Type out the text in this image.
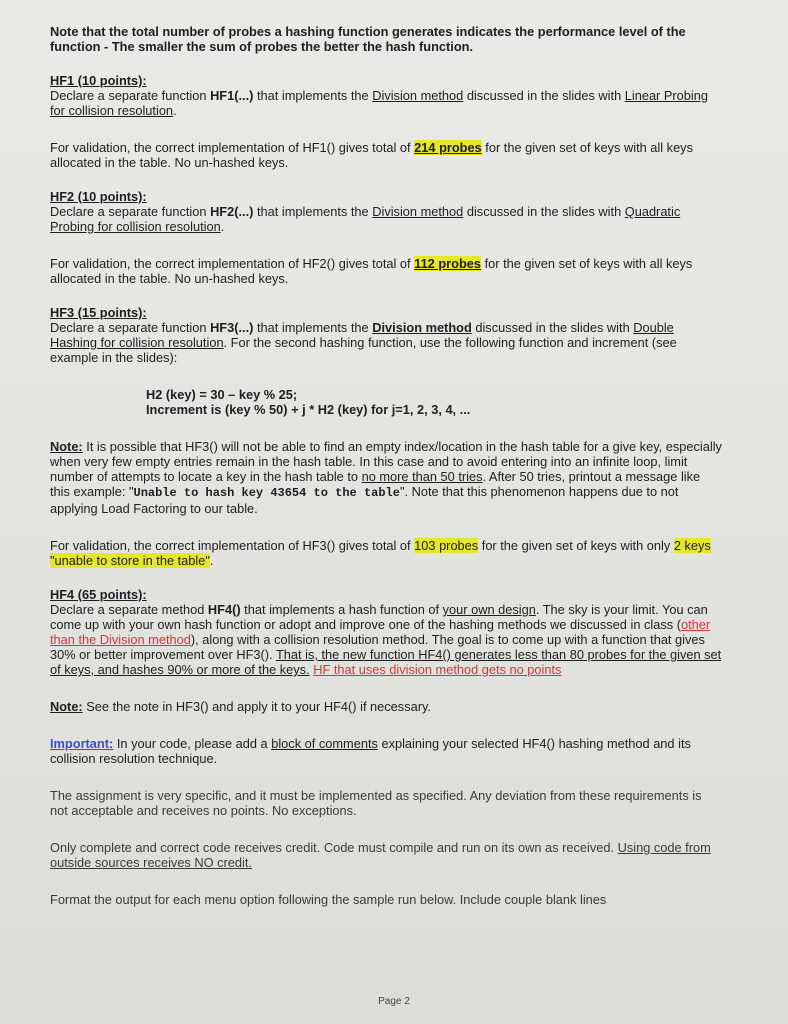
Note that the total number of probes a hashing function generates indicates the performance level of the function - The smaller the sum of probes the better the hash function.

HF1 (10 points):

Declare a separate function HF1(...) that implements the Division method discussed in the slides with Linear Probing for collision resolution.

For validation, the correct implementation of HF1() gives total of 214 probes for the given set of keys with all keys allocated in the table. No un-hashed keys.

HF2 (10 points):

Declare a separate function HF2(...) that implements the Division method discussed in the slides with Quadratic Probing for collision resolution.

For validation, the correct implementation of HF2() gives total of 112 probes for the given set of keys with all keys allocated in the table. No un-hashed keys.

HF3 (15 points):

Declare a separate function HF3(...) that implements the Division method discussed in the slides with Double Hashing for collision resolution. For the second hashing function, use the following function and increment (see example in the slides):

H2 (key) = 30 – key % 25;

Increment is (key % 50) + j * H2 (key) for j=1, 2, 3, 4, ...

Note: It is possible that HF3() will not be able to find an empty index/location in the hash table for a give key, especially when very few empty entries remain in the hash table. In this case and to avoid entering into an infinite loop, limit number of attempts to locate a key in the hash table to no more than 50 tries. After 50 tries, printout a message like this example: "Unable to hash key 43654 to the table". Note that this phenomenon happens due to not applying Load Factoring to our table.

For validation, the correct implementation of HF3() gives total of 103 probes for the given set of keys with only 2 keys "unable to store in the table".

HF4 (65 points):

Declare a separate method HF4() that implements a hash function of your own design. The sky is your limit. You can come up with your own hash function or adopt and improve one of the hashing methods we discussed in class (other than the Division method), along with a collision resolution method. The goal is to come up with a function that gives 30% or better improvement over HF3(). That is, the new function HF4() generates less than 80 probes for the given set of keys, and hashes 90% or more of the keys. HF that uses division method gets no points

Note: See the note in HF3() and apply it to your HF4() if necessary.

Important: In your code, please add a block of comments explaining your selected HF4() hashing method and its collision resolution technique.

The assignment is very specific, and it must be implemented as specified. Any deviation from these requirements is not acceptable and receives no points. No exceptions.

Only complete and correct code receives credit. Code must compile and run on its own as received. Using code from outside sources receives NO credit.

Format the output for each menu option following the sample run below. Include couple blank lines

Page 2
